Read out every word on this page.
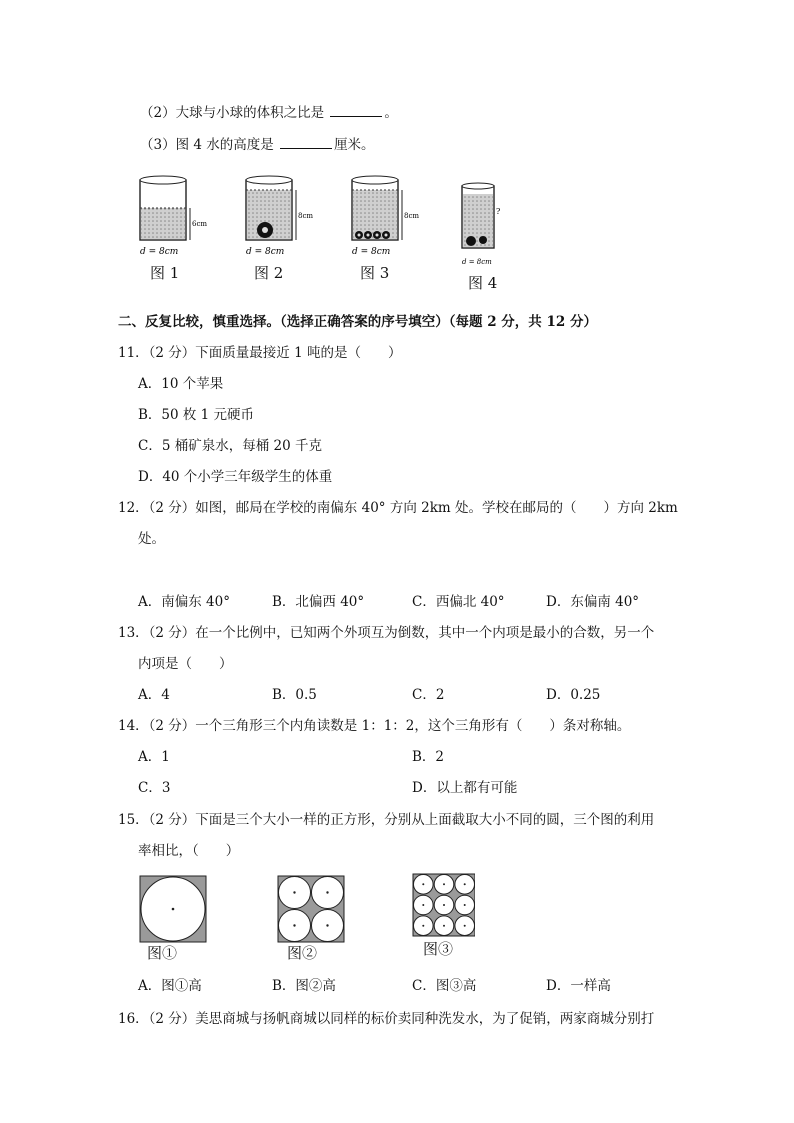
（2）大球与小球的体积之比是	。
（3）图 4 水的高度是	厘米。
6cm
d = 8cm
图 1
8cm
d = 8cm
图 2
8cm
d = 8cm
图 3
?
d = 8cm
图 4
二、反复比较，慎重选择。（选择正确答案的序号填空）（每题 2 分，共 12 分）
11．（2 分）下面质量最接近 1 吨的是（　　）
A．10 个苹果
B．50 枚 1 元硬币
C．5 桶矿泉水，每桶 20 千克
D．40 个小学三年级学生的体重
12．（2 分）如图，邮局在学校的南偏东 40° 方向 2km 处。学校在邮局的（　　）方向 2km
处。
A．南偏东 40°	B．北偏西 40°	C．西偏北 40°	D．东偏南 40°
13．（2 分）在一个比例中，已知两个外项互为倒数，其中一个内项是最小的合数，另一个
内项是（　　）
A．4	B．0.5	C．2	D．0.25
14．（2 分）一个三角形三个内角读数是 1：1：2，这个三角形有（　　）条对称轴。
A．1	B．2
C．3	D．以上都有可能
15．（2 分）下面是三个大小一样的正方形，分别从上面截取大小不同的圆，三个图的利用
率相比，（　　）
图①	图②	图③
A．图①高	B．图②高	C．图③高	D．一样高
16．（2 分）美思商城与扬帆商城以同样的标价卖同种洗发水，为了促销，两家商城分别打
